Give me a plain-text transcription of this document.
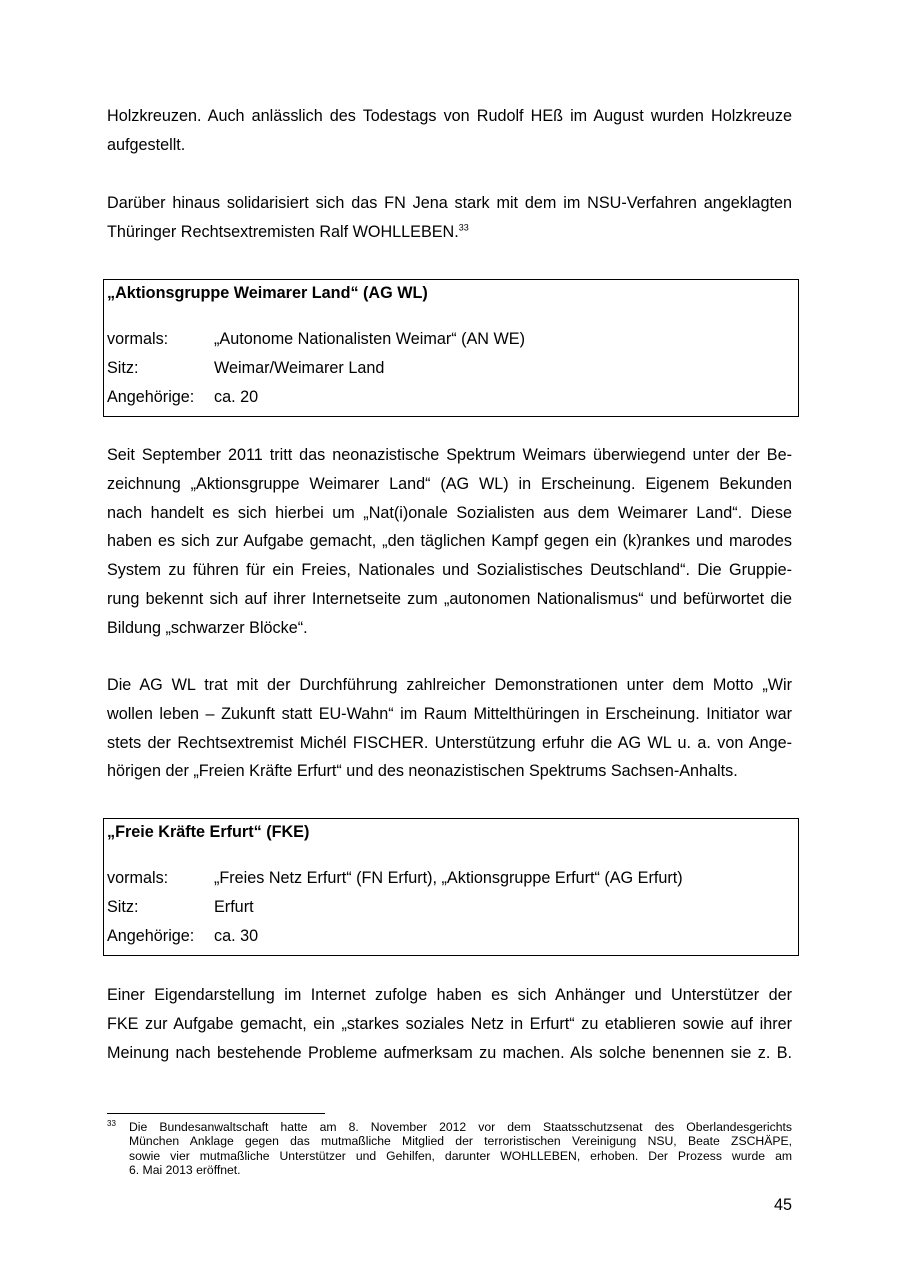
Holzkreuzen. Auch anlässlich des Todestags von Rudolf HEß im August wurden Holzkreuze
aufgestellt.

Darüber hinaus solidarisiert sich das FN Jena stark mit dem im NSU-Verfahren angeklagten
Thüringer Rechtsextremisten Ralf WOHLLEBEN.$^{33}$

„Aktionsgruppe Weimarer Land“ (AG WL)

vormals:	„Autonome Nationalisten Weimar“ (AN WE)

Sitz:	Weimar/Weimarer Land

Angehörige: ca. 20

Seit September 2011 tritt das neonazistische Spektrum Weimars überwiegend unter der Be-
zeichnung „Aktionsgruppe Weimarer Land“ (AG WL) in Erscheinung. Eigenem Bekunden
nach handelt es sich hierbei um „Nat(i)onale Sozialisten aus dem Weimarer Land“. Diese
haben es sich zur Aufgabe gemacht, „den täglichen Kampf gegen ein (k)rankes und marodes
System zu führen für ein Freies, Nationales und Sozialistisches Deutschland“. Die Gruppie-
rung bekennt sich auf ihrer Internetseite zum „autonomen Nationalismus“ und befürwortet die
Bildung „schwarzer Blöcke“.

Die AG WL trat mit der Durchführung zahlreicher Demonstrationen unter dem Motto „Wir
wollen leben – Zukunft statt EU-Wahn“ im Raum Mittelthüringen in Erscheinung. Initiator war
stets der Rechtsextremist Michél FISCHER. Unterstützung erfuhr die AG WL u. a. von Ange-
hörigen der „Freien Kräfte Erfurt“ und des neonazistischen Spektrums Sachsen-Anhalts.

„Freie Kräfte Erfurt“ (FKE)

vormals:	„Freies Netz Erfurt“ (FN Erfurt), „Aktionsgruppe Erfurt“ (AG Erfurt)

Sitz:	Erfurt

Angehörige: ca. 30

Einer Eigendarstellung im Internet zufolge haben es sich Anhänger und Unterstützer der
FKE zur Aufgabe gemacht, ein „starkes soziales Netz in Erfurt“ zu etablieren sowie auf ihrer
Meinung nach bestehende Probleme aufmerksam zu machen. Als solche benennen sie z. B.

33 Die Bundesanwaltschaft hatte am 8. November 2012 vor dem Staatsschutzsenat des Oberlandesgerichts
München Anklage gegen das mutmaßliche Mitglied der terroristischen Vereinigung NSU, Beate ZSCHÄPE,
sowie vier mutmaßliche Unterstützer und Gehilfen, darunter WOHLLEBEN, erhoben. Der Prozess wurde am
6. Mai 2013 eröffnet.

45
